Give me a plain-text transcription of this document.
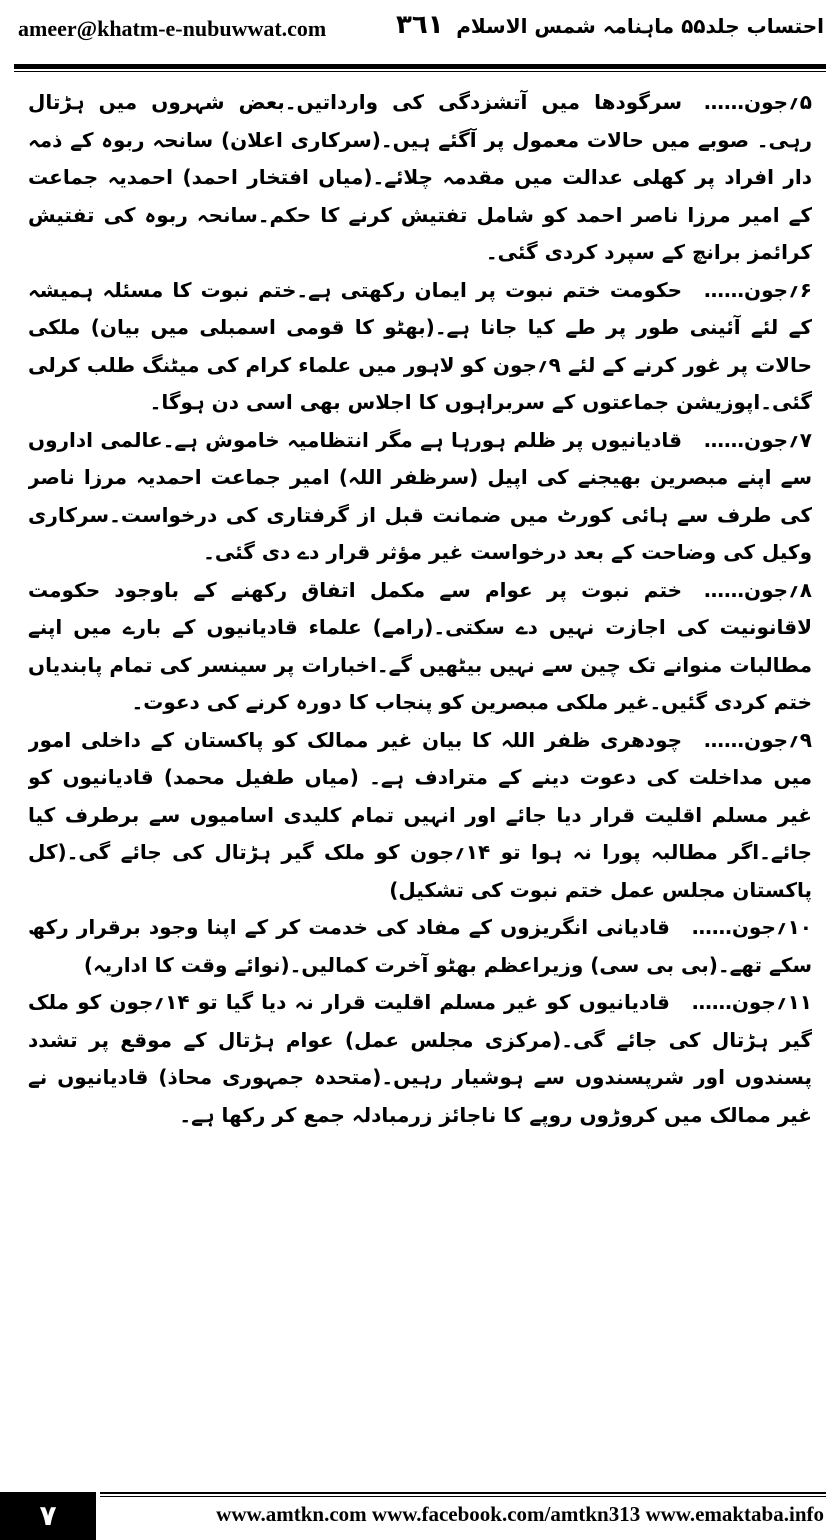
ameer@khatm-e-nubuwwat.com	٣٦١ احتساب جلد۵۵ ماہنامہ شمس الاسلام

۵؍جون……سرگودھا میں آتشزدگی کی وارداتیں۔بعض شہروں میں ہڑتال رہی۔ صوبے میں حالات معمول پر آگئے ہیں۔(سرکاری اعلان) سانحہ ربوہ کے ذمہ دار افراد پر کھلی عدالت میں مقدمہ چلائے۔(میاں افتخار احمد) احمدیہ جماعت کے امیر مرزا ناصر احمد کو شامل تفتیش کرنے کا حکم۔سانحہ ربوہ کی تفتیش کرائمز برانچ کے سپرد کردی گئی۔

۶؍جون……حکومت ختم نبوت پر ایمان رکھتی ہے۔ختم نبوت کا مسئلہ ہمیشہ کے لئے آئینی طور پر طے کیا جانا ہے۔(بھٹو کا قومی اسمبلی میں بیان) ملکی حالات پر غور کرنے کے لئے ۹؍جون کو لاہور میں علماء کرام کی میٹنگ طلب کرلی گئی۔اپوزیشن جماعتوں کے سربراہوں کا اجلاس بھی اسی دن ہوگا۔

۷؍جون……قادیانیوں پر ظلم ہورہا ہے مگر انتظامیہ خاموش ہے۔عالمی اداروں سے اپنے مبصرین بھیجنے کی اپیل (سرظفر اللہ) امیر جماعت احمدیہ مرزا ناصر کی طرف سے ہائی کورٹ میں ضمانت قبل از گرفتاری کی درخواست۔سرکاری وکیل کی وضاحت کے بعد درخواست غیر مؤثر قرار دے دی گئی۔

۸؍جون……ختم نبوت پر عوام سے مکمل اتفاق رکھنے کے باوجود حکومت لاقانونیت کی اجازت نہیں دے سکتی۔(رامے) علماء قادیانیوں کے بارے میں اپنے مطالبات منوانے تک چین سے نہیں بیٹھیں گے۔اخبارات پر سینسر کی تمام پابندیاں ختم کردی گئیں۔غیر ملکی مبصرین کو پنجاب کا دورہ کرنے کی دعوت۔

۹؍جون……چودھری ظفر اللہ کا بیان غیر ممالک کو پاکستان کے داخلی امور میں مداخلت کی دعوت دینے کے مترادف ہے۔ (میاں طفیل محمد) قادیانیوں کو غیر مسلم اقلیت قرار دیا جائے اور انہیں تمام کلیدی اسامیوں سے برطرف کیا جائے۔اگر مطالبہ پورا نہ ہوا تو ۱۴؍جون کو ملک گیر ہڑتال کی جائے گی۔(کل پاکستان مجلس عمل ختم نبوت کی تشکیل)

۱۰؍جون……قادیانی انگریزوں کے مفاد کی خدمت کر کے اپنا وجود برقرار رکھ سکے تھے۔(بی بی سی) وزیراعظم بھٹو آخرت کمالیں۔(نوائے وقت کا اداریہ)

۱۱؍جون……قادیانیوں کو غیر مسلم اقلیت قرار نہ دیا گیا تو ۱۴؍جون کو ملک گیر ہڑتال کی جائے گی۔(مرکزی مجلس عمل) عوام ہڑتال کے موقع پر تشدد پسندوں اور شرپسندوں سے ہوشیار رہیں۔(متحدہ جمہوری محاذ) قادیانیوں نے غیر ممالک میں کروڑوں روپے کا ناجائز زرمبادلہ جمع کر رکھا ہے۔

۷	www.amtkn.com www.facebook.com/amtkn313 www.emaktaba.info
